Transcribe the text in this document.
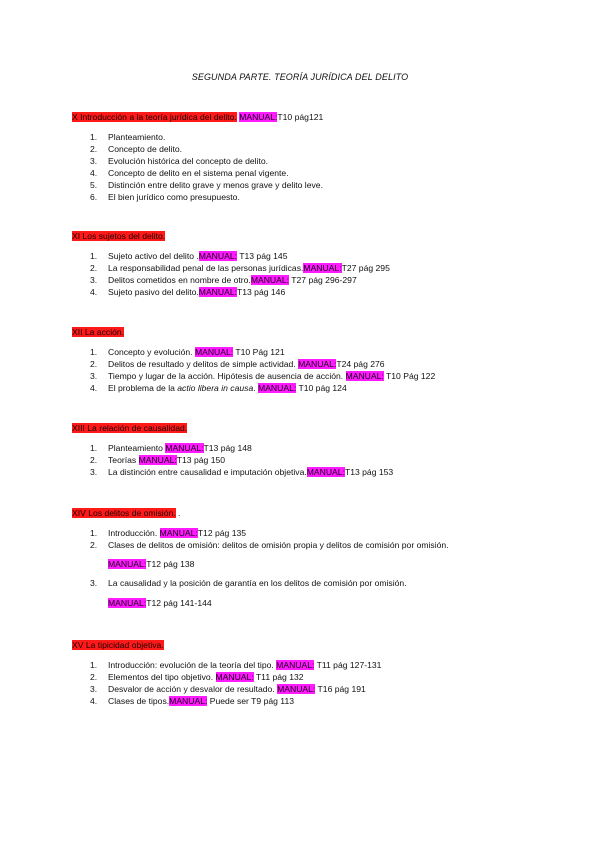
SEGUNDA PARTE. TEORÍA JURÍDICA DEL DELITO
X Introducción a la teoría jurídica del delito. MANUAL:T10 pág121
1.	Planteamiento.
2.	Concepto de delito.
3.	Evolución histórica del concepto de delito.
4.	Concepto de delito en el sistema penal vigente.
5.	Distinción entre delito grave y menos grave y delito leve.
6.	El bien jurídico como presupuesto.
XI Los sujetos del delito.
1.	Sujeto activo del delito .MANUAL: T13 pág 145
2.	La responsabilidad penal de las personas jurídicas.MANUAL:T27 pág 295
3.	Delitos cometidos en nombre de otro.MANUAL: T27 pág 296-297
4.	Sujeto pasivo del delito.MANUAL:T13 pág 146
XII La acción.
1.	Concepto y evolución. MANUAL: T10 Pág 121
2.	Delitos de resultado y delitos de simple actividad. MANUAL:T24 pág 276
3.	Tiempo y lugar de la acción. Hipótesis de ausencia de acción. MANUAL: T10 Pág 122
4.	El problema de la actio libera in causa. MANUAL: T10 pág 124
XIII La relación de causalidad.
1.	Planteamiento MANUAL:T13 pág 148
2.	Teorías MANUAL:T13 pág 150
3.	La distinción entre causalidad e imputación objetiva.MANUAL:T13 pág 153
XIV Los delitos de omisión. .
1.	Introducción. MANUAL:T12 pág 135
2.	Clases de delitos de omisión: delitos de omisión propia y delitos de comisión por omisión.
MANUAL:T12 pág 138
3.	La causalidad y la posición de garantía en los delitos de comisión por omisión.
MANUAL:T12 pág 141-144
XV La tipicidad objetiva.
1.	Introducción: evolución de la teoría del tipo. MANUAL: T11 pág 127-131
2.	Elementos del tipo objetivo. MANUAL: T11 pág 132
3.	Desvalor de acción y desvalor de resultado. MANUAL: T16 pág 191
4.	Clases de tipos.MANUAL: Puede ser T9 pág 113
